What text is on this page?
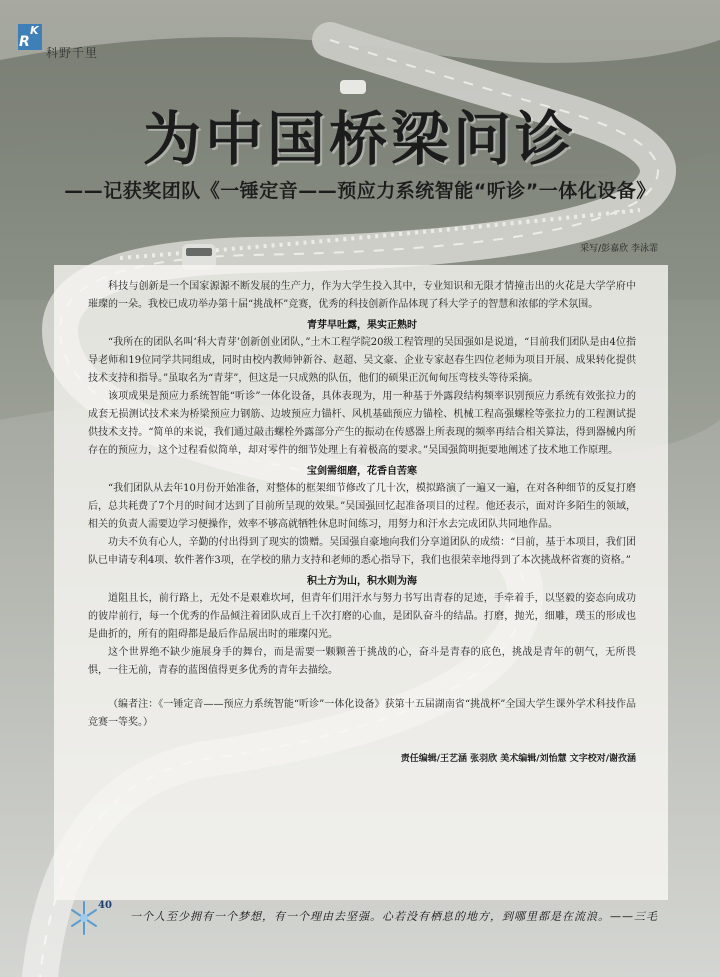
K
R
科野千里
为中国桥梁问诊
——记获奖团队《一锤定音——预应力系统智能“听诊”一体化设备》
采写/彭嘉欣 李泳霏

科技与创新是一个国家源源不断发展的生产力，作为大学生投入其中，专业知识和无限才情撞击出的火花是大学学府中璀璨的一朵。我校已成功举办第十届“挑战杯”竞赛，优秀的科技创新作品体现了科大学子的智慧和浓郁的学术氛围。

青芽早吐露，果实正熟时

“我所在的团队名叫‘科大青芽’创新创业团队，”土木工程学院20级工程管理的吴国强如是说道，“目前我们团队是由4位指导老师和19位同学共同组成，同时由校内教师钟新谷、赵超、吴文豪、企业专家赵春生四位老师为项目开展、成果转化提供技术支持和指导。”虽取名为“青芽”，但这是一只成熟的队伍，他们的硕果正沉甸甸压弯枝头等待采摘。

该项成果是预应力系统智能“听诊”一体化设备，具体表现为，用一种基于外露段结构频率识别预应力系统有效张拉力的成套无损测试技术来为桥梁预应力钢筋、边坡预应力锚杆、风机基础预应力锚栓、机械工程高强螺栓等张拉力的工程测试提供技术支持。“简单的来说，我们通过敲击螺栓外露部分产生的振动在传感器上所表现的频率再结合相关算法，得到器械内所存在的预应力，这个过程看似简单，却对零件的细节处理上有着极高的要求。”吴国强简明扼要地阐述了技术地工作原理。

宝剑需细磨，花香自苦寒

“我们团队从去年10月份开始准备，对整体的框架细节修改了几十次，模拟路演了一遍又一遍，在对各种细节的反复打磨后，总共耗费了7个月的时间才达到了目前所呈现的效果。”吴国强回忆起准备项目的过程。他还表示，面对许多陌生的领域，相关的负责人需要边学习便操作，效率不够高就牺牲休息时间练习，用努力和汗水去完成团队共同地作品。

功夫不负有心人，辛勤的付出得到了现实的馈赠。吴国强自豪地向我们分享道团队的成绩：“目前，基于本项目，我们团队已申请专利4项、软件著作3项，在学校的鼎力支持和老师的悉心指导下，我们也很荣幸地得到了本次挑战杯省赛的资格。”

积土方为山，积水则为海

道阻且长，前行路上，无处不是艰难坎坷，但青年们用汗水与努力书写出青春的足迹，手牵着手，以坚毅的姿态向成功的彼岸前行，每一个优秀的作品倾注着团队成百上千次打磨的心血，是团队奋斗的结晶。打磨，抛光，细雕，璞玉的形成也是曲折的，所有的阻碍都是最后作品展出时的璀璨闪光。

这个世界绝不缺少施展身手的舞台，而是需要一颗颗善于挑战的心，奋斗是青春的底色，挑战是青年的朝气，无所畏惧，一往无前，青春的蓝图值得更多优秀的青年去描绘。

（编者注：《一锤定音——预应力系统智能“听诊”一体化设备》获第十五届湖南省“挑战杯”全国大学生课外学术科技作品竞赛一等奖。）

责任编辑/王艺涵 张羽欣 美术编辑/刘怡慧 文字校对/谢孜涵

40
一个人至少拥有一个梦想，有一个理由去坚强。心若没有栖息的地方，到哪里都是在流浪。——三毛
